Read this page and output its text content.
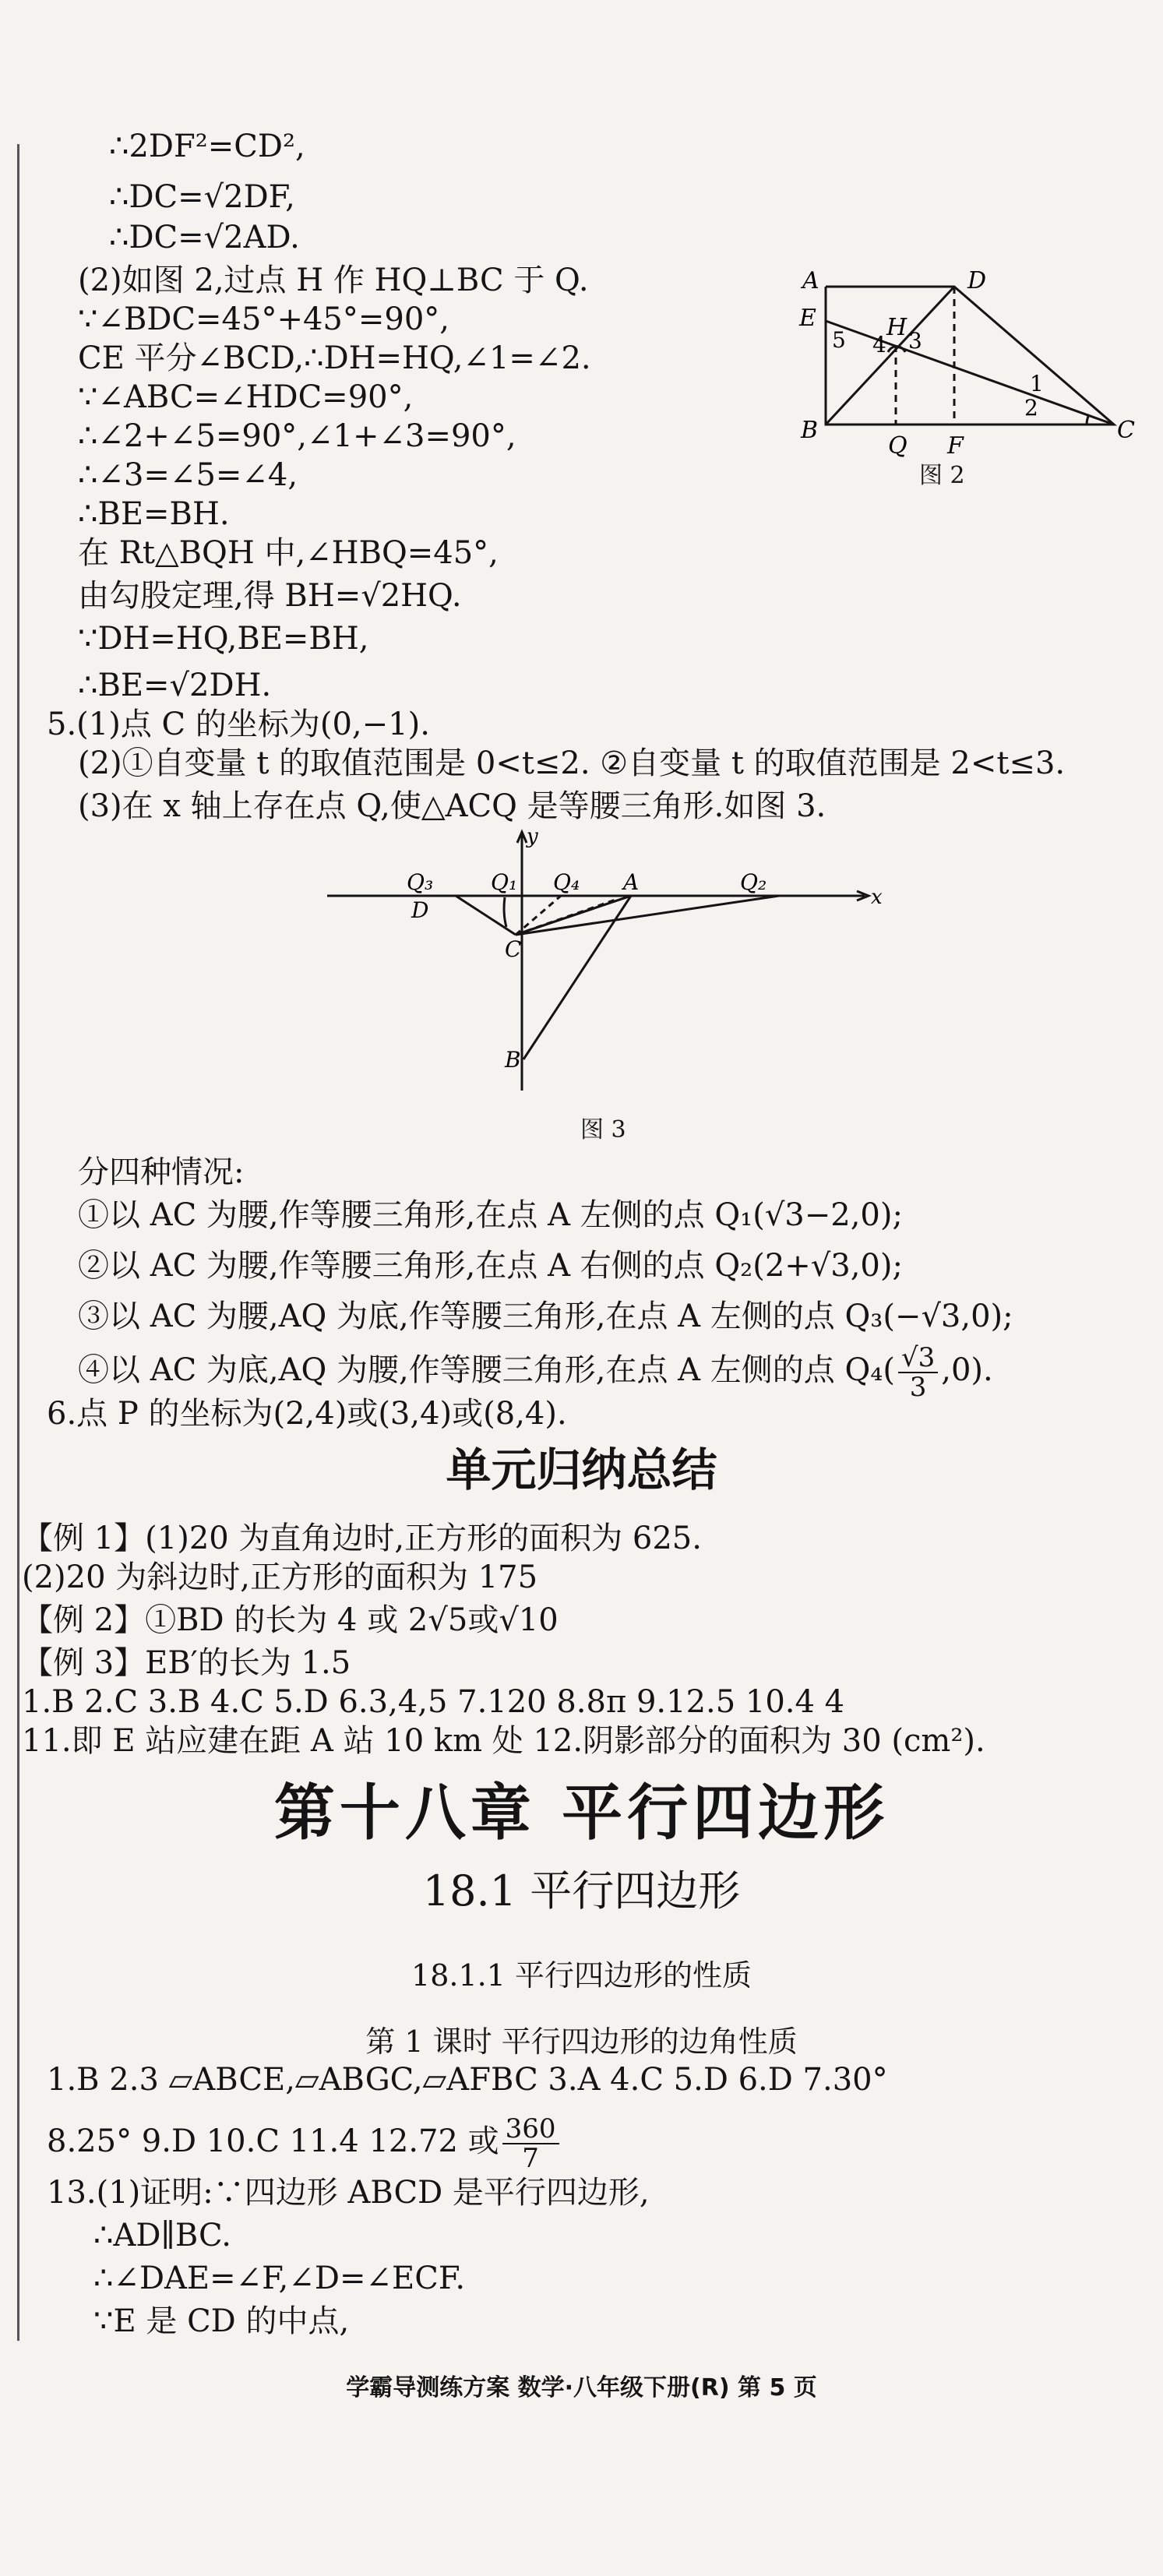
∴2DF²=CD²,
∴DC=√2DF,
∴DC=√2AD.
(2)如图 2,过点 H 作 HQ⊥BC 于 Q.
∵∠BDC=45°+45°=90°,
CE 平分∠BCD,∴DH=HQ,∠1=∠2.
∵∠ABC=∠HDC=90°,
∴∠2+∠5=90°,∠1+∠3=90°,
∴∠3=∠5=∠4,
∴BE=BH.
在 Rt△BQH 中,∠HBQ=45°,
由勾股定理,得 BH=√2HQ.
∵DH=HQ,BE=BH,
∴BE=√2DH.
A	D
E	H
B
Q F
C
1
2
3
4
5
图 2
5.(1)点 C 的坐标为(0,−1).
(2)①自变量 t 的取值范围是 0<t≤2. ②自变量 t 的取值范围是 2<t≤3.
(3)在 x 轴上存在点 Q,使△ACQ 是等腰三角形.如图 3.
y
x
Q₃	Q₁ Q₄ A	Q₂
D
C
B
图 3
分四种情况:
①以 AC 为腰,作等腰三角形,在点 A 左侧的点 Q₁(√3−2,0);
②以 AC 为腰,作等腰三角形,在点 A 右侧的点 Q₂(2+√3,0);
③以 AC 为腰,AQ 为底,作等腰三角形,在点 A 左侧的点 Q₃(−√3,0);
④以 AC 为底,AQ 为腰,作等腰三角形,在点 A 左侧的点 $Q_4( \frac{√3}{3} ,0)$.
6.点 P 的坐标为(2,4)或(3,4)或(8,4).
单元归纳总结
【例 1】(1)20 为直角边时,正方形的面积为 625.
(2)20 为斜边时,正方形的面积为 175
【例 2】①BD 的长为 4 或 2√5或√10
【例 3】EB′的长为 1.5
1.B 2.C 3.B 4.C 5.D 6.3,4,5 7.120 8.8π 9.12.5 10.4 4
11.即 E 站应建在距 A 站 10 km 处 12.阴影部分的面积为 30 (cm²).
第十八章 平行四边形
18.1 平行四边形
18.1.1 平行四边形的性质
第 1 课时 平行四边形的边角性质
1.B 2.3 ▱ABCE,▱ABGC,▱AFBC 3.A 4.C 5.D 6.D 7.30°
8.25° 9.D 10.C 11.4 12.72 或 $\frac{360}{7}$
13.(1)证明:∵四边形 ABCD 是平行四边形,
∴AD∥BC.
∴∠DAE=∠F,∠D=∠ECF.
∵E 是 CD 的中点,
学霸导测练方案 数学·八年级下册(R) 第 5 页
